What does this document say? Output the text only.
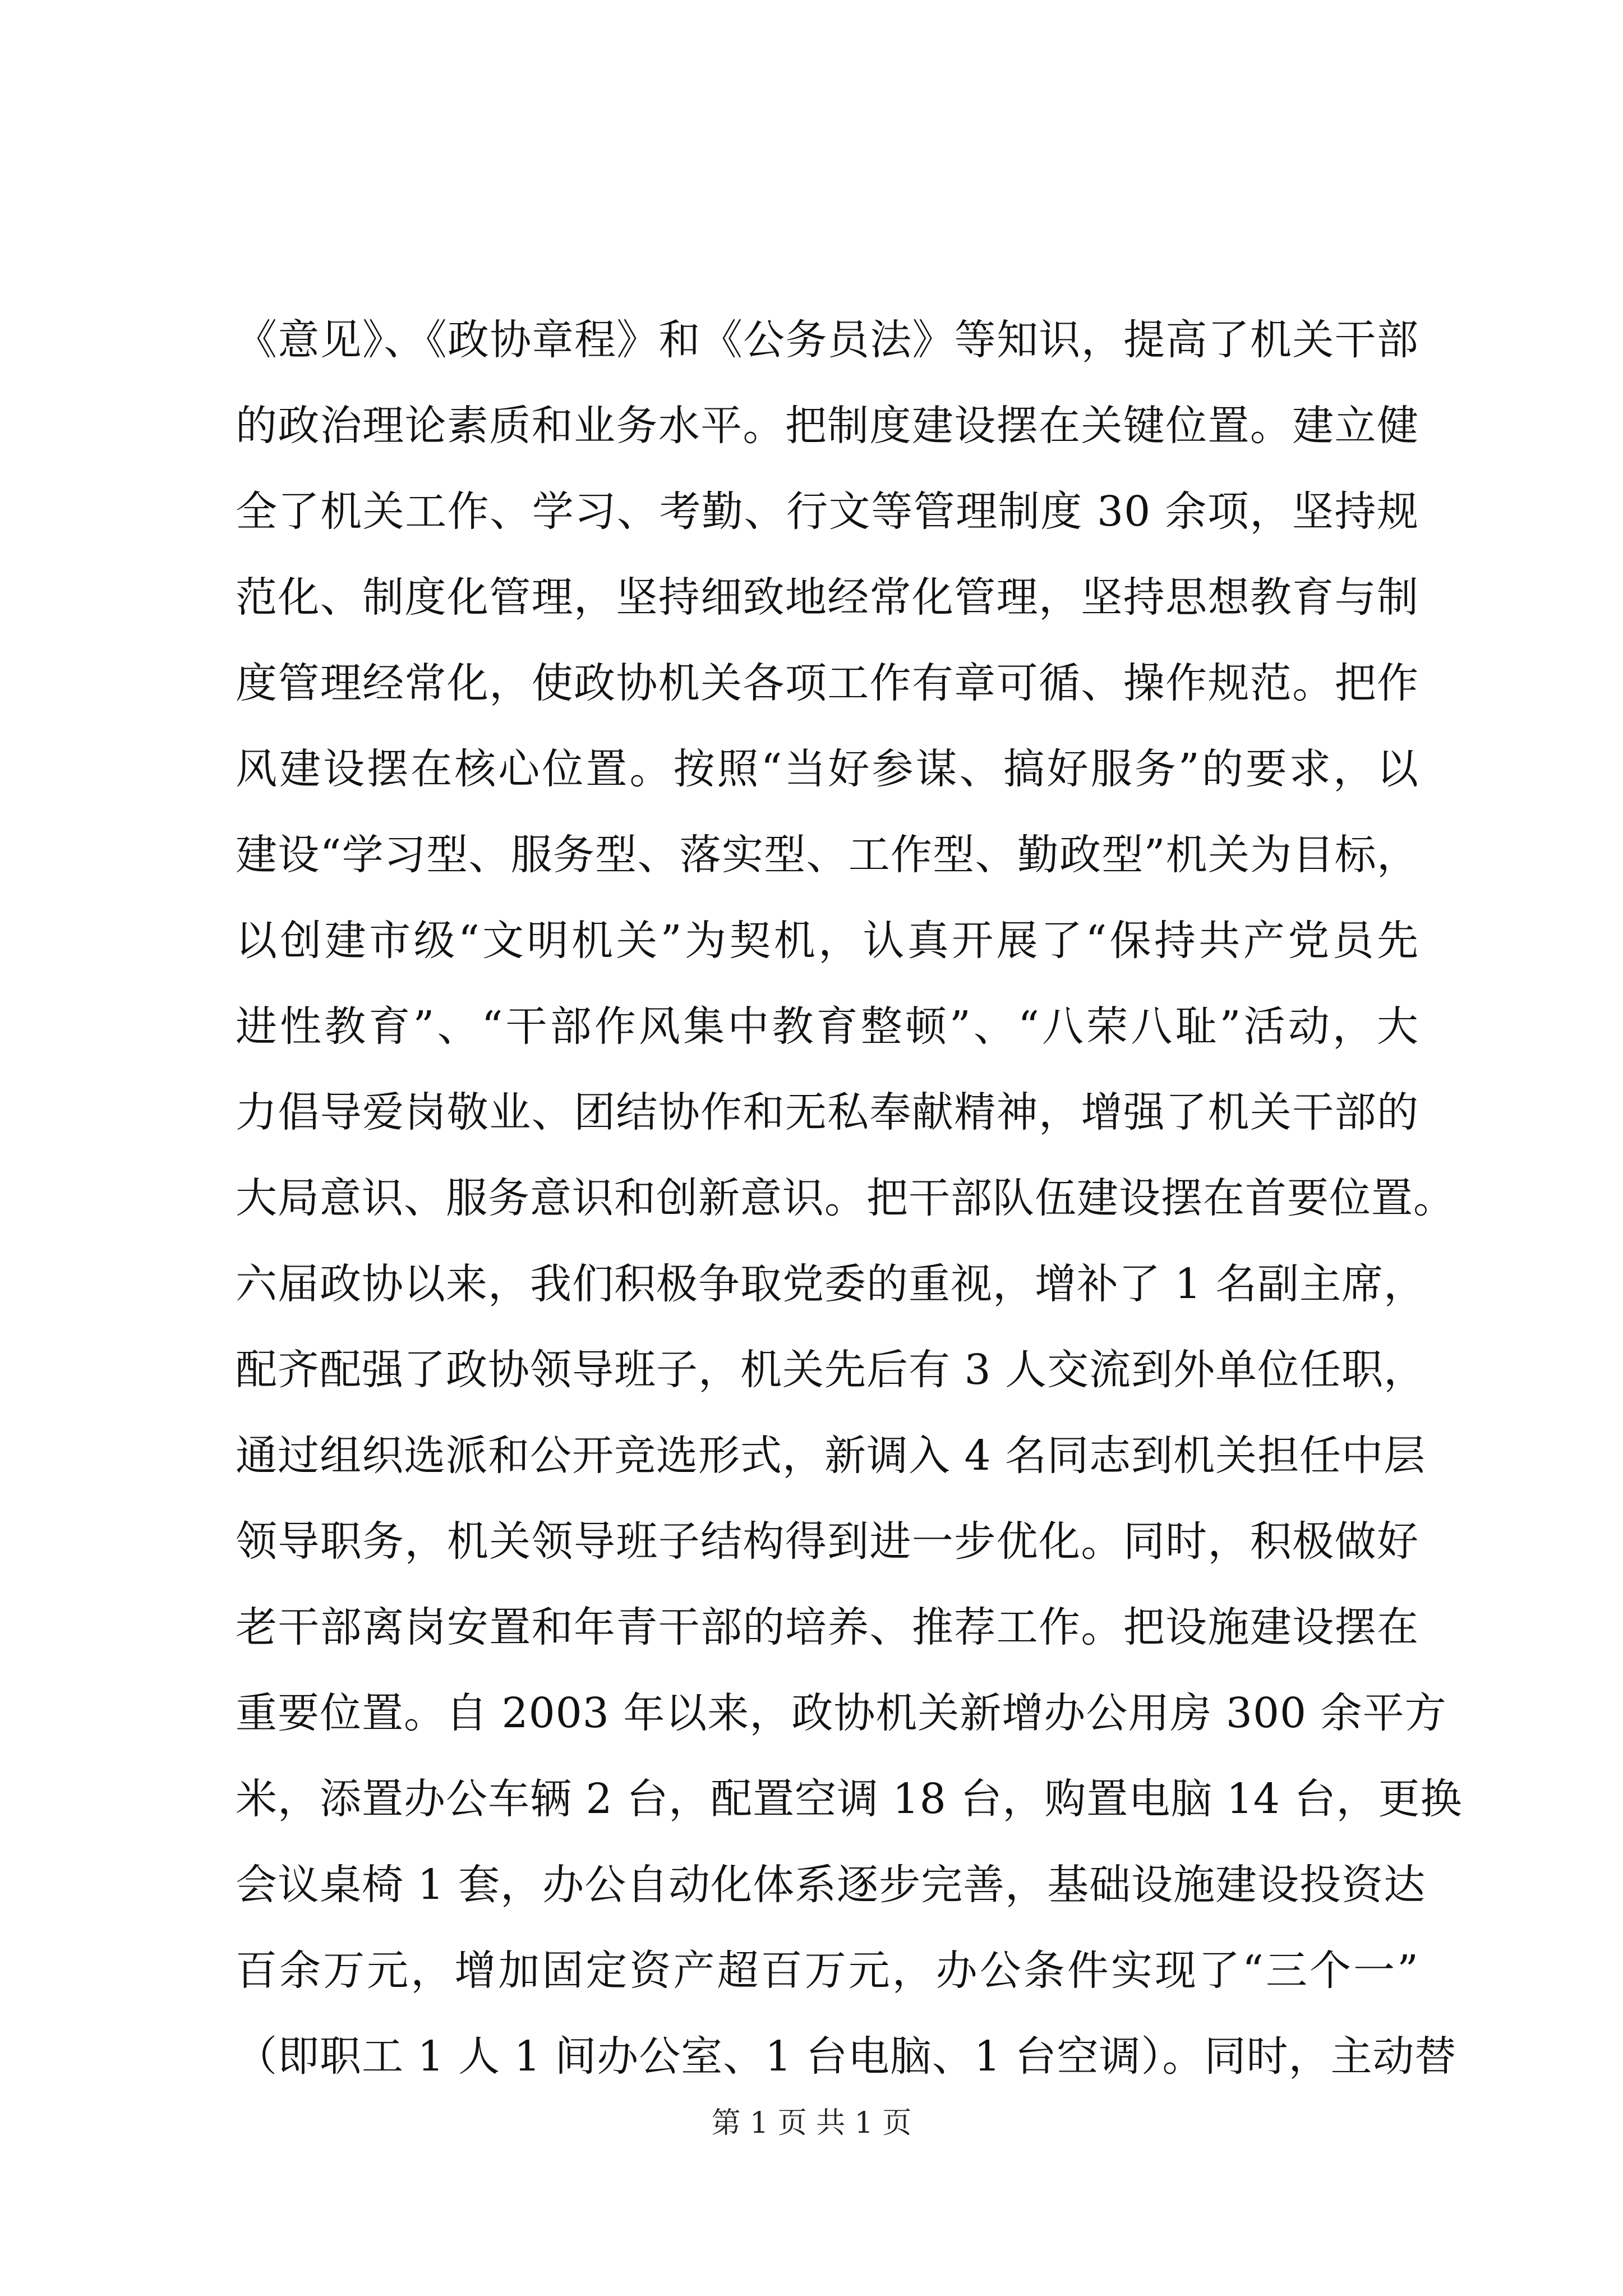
《意见》、《政协章程》和《公务员法》等知识，提高了机关干部
的政治理论素质和业务水平。把制度建设摆在关键位置。建立健
全了机关工作、学习、考勤、行文等管理制度 30 余项，坚持规
范化、制度化管理，坚持细致地经常化管理，坚持思想教育与制
度管理经常化，使政协机关各项工作有章可循、操作规范。把作
风建设摆在核心位置。按照“当好参谋、搞好服务”的要求，以
建设“学习型、服务型、落实型、工作型、勤政型”机关为目标，
以创建市级“文明机关”为契机，认真开展了“保持共产党员先
进性教育”、“干部作风集中教育整顿”、“八荣八耻”活动，大
力倡导爱岗敬业、团结协作和无私奉献精神，增强了机关干部的
大局意识、服务意识和创新意识。把干部队伍建设摆在首要位置。
六届政协以来，我们积极争取党委的重视，增补了 1 名副主席，
配齐配强了政协领导班子，机关先后有 3 人交流到外单位任职，
通过组织选派和公开竞选形式，新调入 4 名同志到机关担任中层
领导职务，机关领导班子结构得到进一步优化。同时，积极做好
老干部离岗安置和年青干部的培养、推荐工作。把设施建设摆在
重要位置。自 2003 年以来，政协机关新增办公用房 300 余平方
米，添置办公车辆 2 台，配置空调 18 台，购置电脑 14 台，更换
会议桌椅 1 套，办公自动化体系逐步完善，基础设施建设投资达
百余万元，增加固定资产超百万元，办公条件实现了“三个一”
（即职工 1 人 1 间办公室、1 台电脑、1 台空调）。同时，主动替
第 1 页 共 1 页
